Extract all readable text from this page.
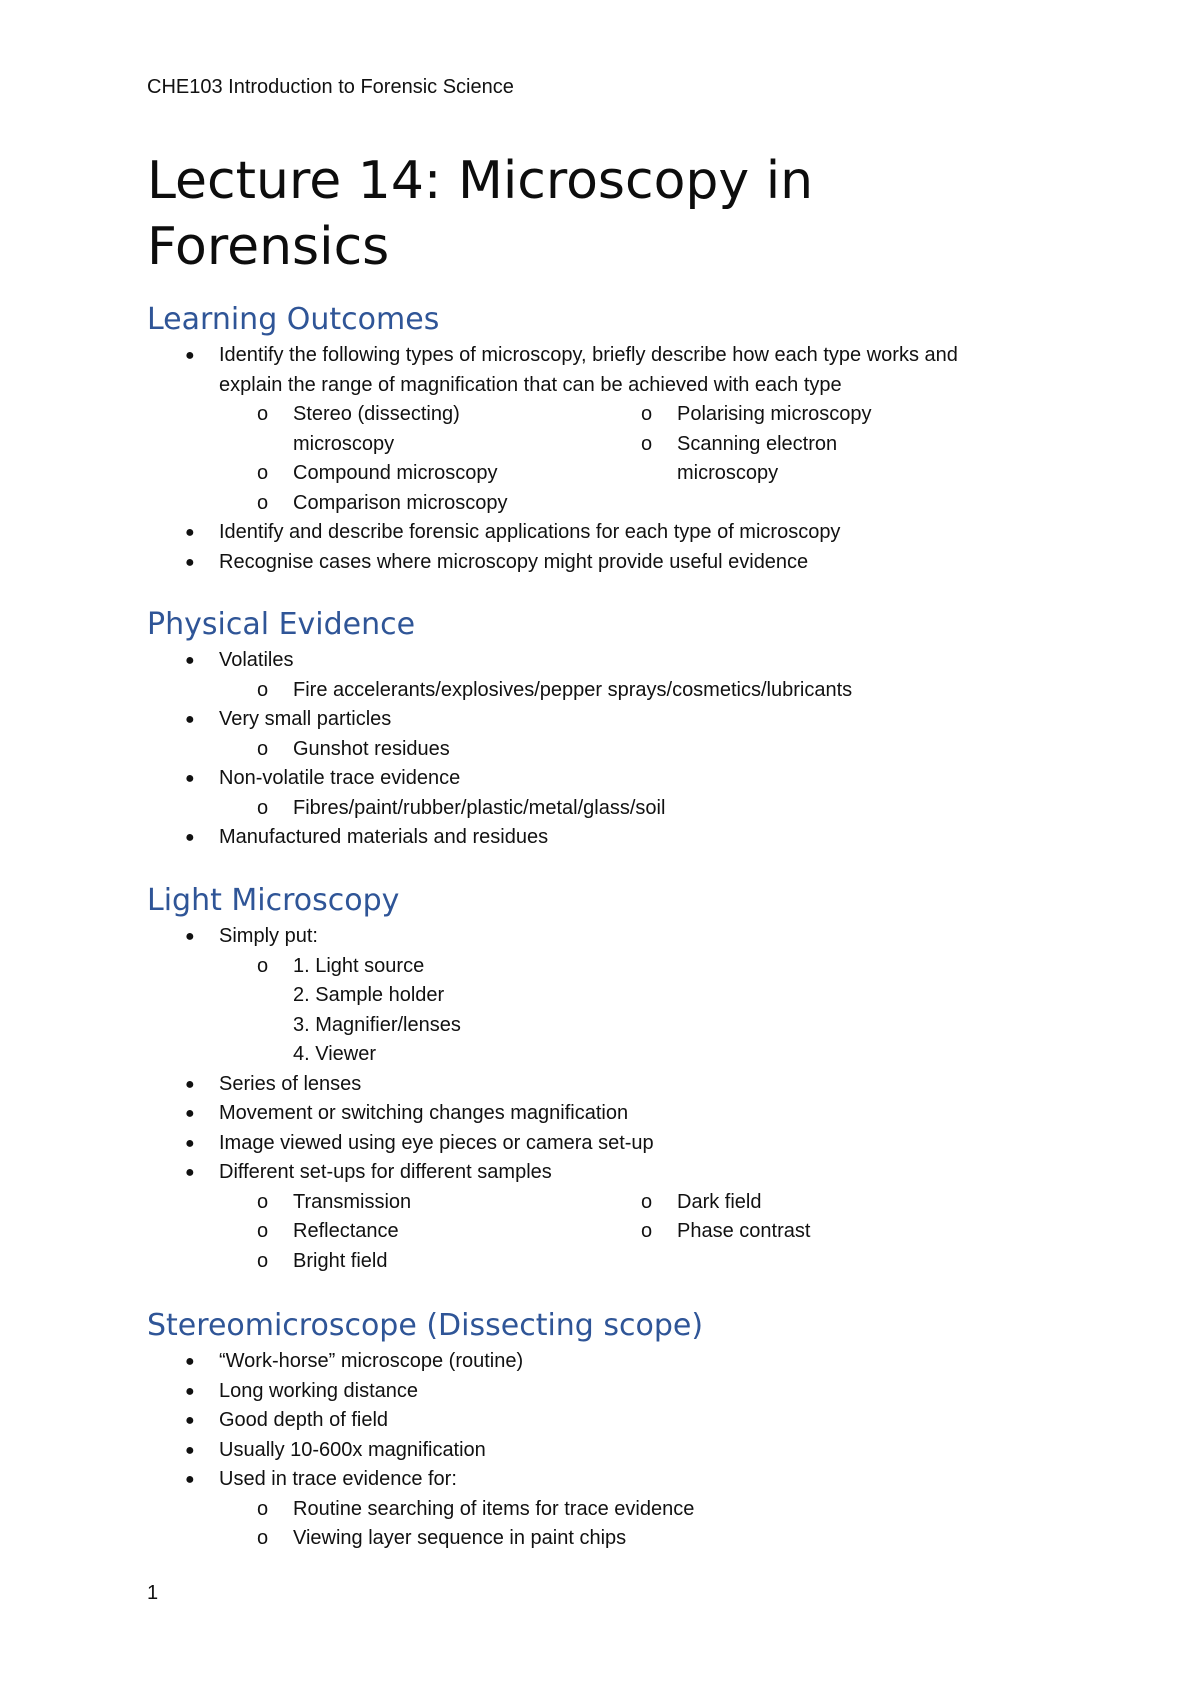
CHE103 Introduction to Forensic Science
Lecture 14: Microscopy in
Forensics
Learning Outcomes
● Identify the following types of microscopy, briefly describe how each type works and
explain the range of magnification that can be achieved with each type
o Stereo (dissecting)
microscopy
o Compound microscopy
o Comparison microscopy
o Polarising microscopy
o Scanning electron
microscopy
● Identify and describe forensic applications for each type of microscopy
● Recognise cases where microscopy might provide useful evidence
Physical Evidence
● Volatiles
o Fire accelerants/explosives/pepper sprays/cosmetics/lubricants
● Very small particles
o Gunshot residues
● Non-volatile trace evidence
o Fibres/paint/rubber/plastic/metal/glass/soil
● Manufactured materials and residues
Light Microscopy
● Simply put:
o 1. Light source
2. Sample holder
3. Magnifier/lenses
4. Viewer
● Series of lenses
● Movement or switching changes magnification
● Image viewed using eye pieces or camera set-up
● Different set-ups for different samples
o Transmission
o Reflectance
o Bright field
o Dark field
o Phase contrast
Stereomicroscope (Dissecting scope)
● “Work-horse” microscope (routine)
● Long working distance
● Good depth of field
● Usually 10-600x magnification
● Used in trace evidence for:
o Routine searching of items for trace evidence
o Viewing layer sequence in paint chips
1
